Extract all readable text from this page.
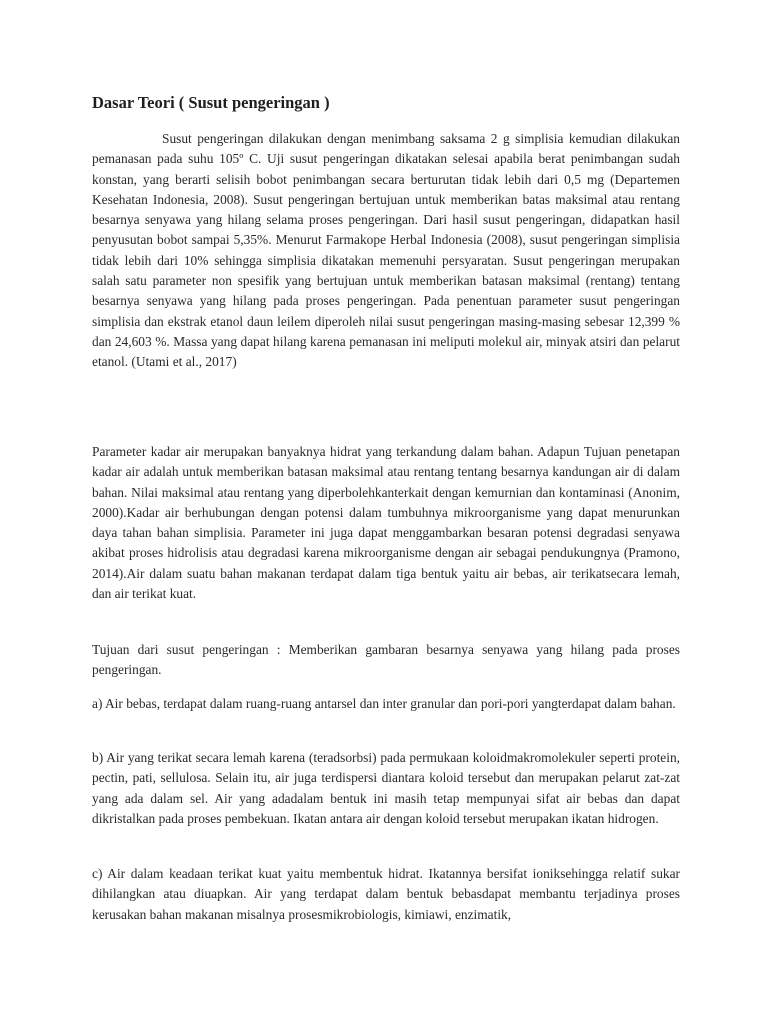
Dasar Teori ( Susut pengeringan )

Susut pengeringan dilakukan dengan menimbang saksama 2 g simplisia kemudian dilakukan pemanasan pada suhu 105º C. Uji susut pengeringan dikatakan selesai apabila berat penimbangan sudah konstan, yang berarti selisih bobot penimbangan secara berturutan tidak lebih dari 0,5 mg (Departemen Kesehatan Indonesia, 2008). Susut pengeringan bertujuan untuk memberikan batas maksimal atau rentang besarnya senyawa yang hilang selama proses pengeringan. Dari hasil susut pengeringan, didapatkan hasil penyusutan bobot sampai 5,35%. Menurut Farmakope Herbal Indonesia (2008), susut pengeringan simplisia tidak lebih dari 10% sehingga simplisia dikatakan memenuhi persyaratan. Susut pengeringan merupakan salah satu parameter non spesifik yang bertujuan untuk memberikan batasan maksimal (rentang) tentang besarnya senyawa yang hilang pada proses pengeringan. Pada penentuan parameter susut pengeringan simplisia dan ekstrak etanol daun leilem diperoleh nilai susut pengeringan masing-masing sebesar 12,399 % dan 24,603 %. Massa yang dapat hilang karena pemanasan ini meliputi molekul air, minyak atsiri dan pelarut etanol. (Utami et al., 2017)

Parameter kadar air merupakan banyaknya hidrat yang terkandung dalam bahan. Adapun Tujuan penetapan kadar air adalah untuk memberikan batasan maksimal atau rentang tentang besarnya kandungan air di dalam bahan. Nilai maksimal atau rentang yang diperbolehkanterkait dengan kemurnian dan kontaminasi (Anonim, 2000).Kadar air berhubungan dengan potensi dalam tumbuhnya mikroorganisme yang dapat menurunkan daya tahan bahan simplisia. Parameter ini juga dapat menggambarkan besaran potensi degradasi senyawa akibat proses hidrolisis atau degradasi karena mikroorganisme dengan air sebagai pendukungnya (Pramono, 2014).Air dalam suatu bahan makanan terdapat dalam tiga bentuk yaitu air bebas, air terikatsecara lemah, dan air terikat kuat.

Tujuan dari susut pengeringan : Memberikan gambaran besarnya senyawa yang hilang pada proses pengeringan.

a) Air bebas, terdapat dalam ruang-ruang antarsel dan inter granular dan pori-pori yangterdapat dalam bahan.

b) Air yang terikat secara lemah karena (teradsorbsi) pada permukaan koloidmakromolekuler seperti protein, pectin, pati, sellulosa. Selain itu, air juga terdispersi diantara koloid tersebut dan merupakan pelarut zat-zat yang ada dalam sel. Air yang adadalam bentuk ini masih tetap mempunyai sifat air bebas dan dapat dikristalkan pada proses pembekuan. Ikatan antara air dengan koloid tersebut merupakan ikatan hidrogen.

c) Air dalam keadaan terikat kuat yaitu membentuk hidrat. Ikatannya bersifat ioniksehingga relatif sukar dihilangkan atau diuapkan. Air yang terdapat dalam bentuk bebasdapat membantu terjadinya proses kerusakan bahan makanan misalnya prosesmikrobiologis, kimiawi, enzimatik,
